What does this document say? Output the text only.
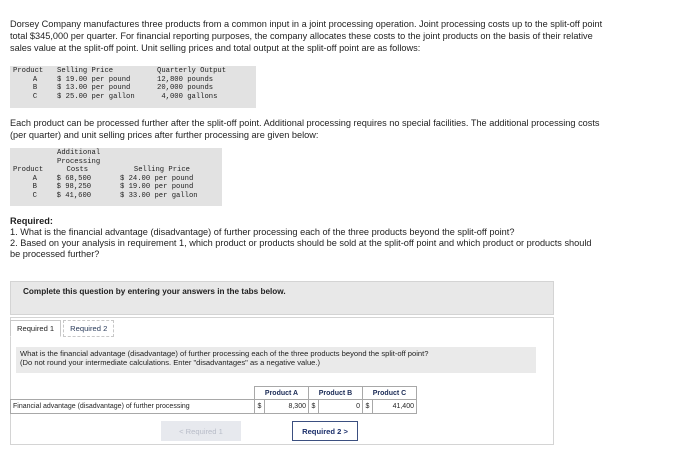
Dorsey Company manufactures three products from a common input in a joint processing operation. Joint processing costs up to the split-off point total $345,000 per quarter. For financial reporting purposes, the company allocates these costs to the joint products on the basis of their relative sales value at the split-off point. Unit selling prices and total output at the split-off point are as follows:
Product	Selling Price	Quarterly Output
A	$ 19.00 per pound	12,800 pounds
B	$ 13.00 per pound	20,000 pounds
C	$ 25.00 per gallon	4,000 gallons
Each product can be processed further after the split-off point. Additional processing requires no special facilities. The additional processing costs (per quarter) and unit selling prices after further processing are given below:
Additional
Processing
Product	Costs	Selling Price
A	$ 68,500	$ 24.00 per pound
B	$ 98,250	$ 19.00 per pound
C	$ 41,600	$ 33.00 per gallon
Required:
1. What is the financial advantage (disadvantage) of further processing each of the three products beyond the split-off point?
2. Based on your analysis in requirement 1, which product or products should be sold at the split-off point and which product or products should be processed further?
Complete this question by entering your answers in the tabs below.
Required 1	Required 2
What is the financial advantage (disadvantage) of further processing each of the three products beyond the split-off point?
(Do not round your intermediate calculations. Enter "disadvantages" as a negative value.)
	Product A		Product B		Product C	
Financial advantage (disadvantage) of further processing	$	8,300	$	0	$	41,400
< Required 1	Required 2 >
